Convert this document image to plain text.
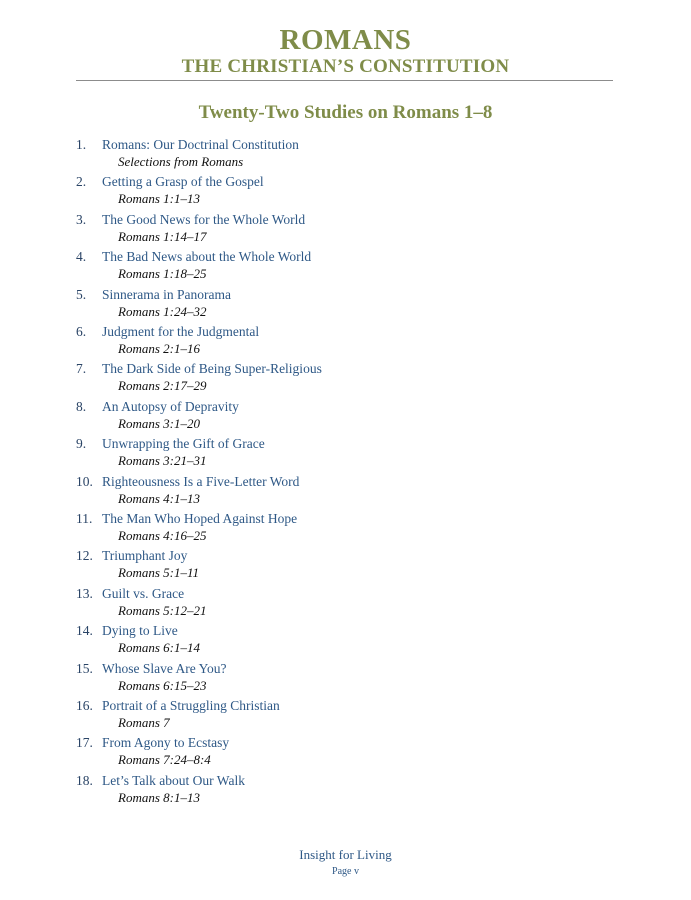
ROMANS
THE CHRISTIAN’S CONSTITUTION
Twenty-Two Studies on Romans 1–8
1. Romans: Our Doctrinal Constitution
Selections from Romans
2. Getting a Grasp of the Gospel
Romans 1:1–13
3. The Good News for the Whole World
Romans 1:14–17
4. The Bad News about the Whole World
Romans 1:18–25
5. Sinnerama in Panorama
Romans 1:24–32
6. Judgment for the Judgmental
Romans 2:1–16
7. The Dark Side of Being Super-Religious
Romans 2:17–29
8. An Autopsy of Depravity
Romans 3:1–20
9. Unwrapping the Gift of Grace
Romans 3:21–31
10. Righteousness Is a Five-Letter Word
Romans 4:1–13
11. The Man Who Hoped Against Hope
Romans 4:16–25
12. Triumphant Joy
Romans 5:1–11
13. Guilt vs. Grace
Romans 5:12–21
14. Dying to Live
Romans 6:1–14
15. Whose Slave Are You?
Romans 6:15–23
16. Portrait of a Struggling Christian
Romans 7
17. From Agony to Ecstasy
Romans 7:24–8:4
18. Let’s Talk about Our Walk
Romans 8:1–13
Insight for Living
Page v
